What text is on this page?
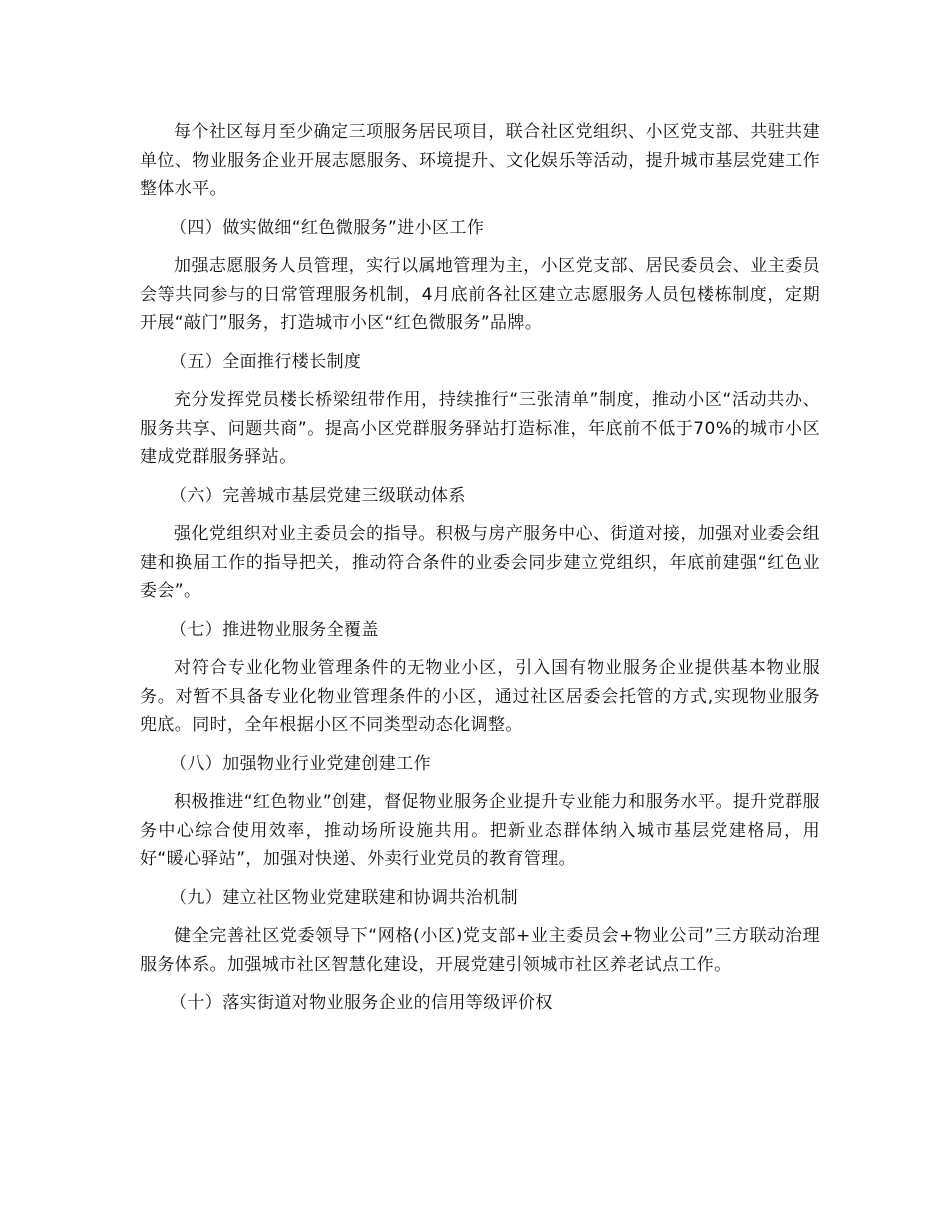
每个社区每月至少确定三项服务居民项目，联合社区党组织、小区党支部、共驻共建单位、物业服务企业开展志愿服务、环境提升、文化娱乐等活动，提升城市基层党建工作整体水平。

（四）做实做细“红色微服务”进小区工作

加强志愿服务人员管理，实行以属地管理为主，小区党支部、居民委员会、业主委员会等共同参与的日常管理服务机制，4月底前各社区建立志愿服务人员包楼栋制度，定期开展“敲门”服务，打造城市小区“红色微服务”品牌。

（五）全面推行楼长制度

充分发挥党员楼长桥梁纽带作用，持续推行“三张清单”制度，推动小区“活动共办、服务共享、问题共商”。提高小区党群服务驿站打造标准，年底前不低于70%的城市小区建成党群服务驿站。

（六）完善城市基层党建三级联动体系

强化党组织对业主委员会的指导。积极与房产服务中心、街道对接，加强对业委会组建和换届工作的指导把关，推动符合条件的业委会同步建立党组织，年底前建强“红色业委会”。

（七）推进物业服务全覆盖

对符合专业化物业管理条件的无物业小区，引入国有物业服务企业提供基本物业服务。对暂不具备专业化物业管理条件的小区，通过社区居委会托管的方式,实现物业服务兜底。同时，全年根据小区不同类型动态化调整。

（八）加强物业行业党建创建工作

积极推进“红色物业”创建，督促物业服务企业提升专业能力和服务水平。提升党群服务中心综合使用效率，推动场所设施共用。把新业态群体纳入城市基层党建格局，用好“暖心驿站”，加强对快递、外卖行业党员的教育管理。

（九）建立社区物业党建联建和协调共治机制

健全完善社区党委领导下“网格(小区)党支部+业主委员会+物业公司”三方联动治理服务体系。加强城市社区智慧化建设，开展党建引领城市社区养老试点工作。

（十）落实街道对物业服务企业的信用等级评价权
